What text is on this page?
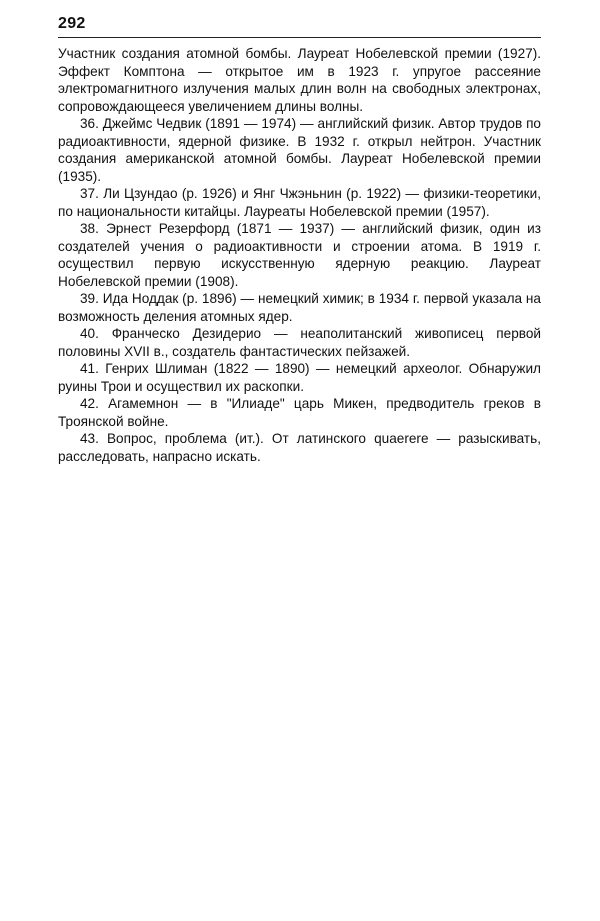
292

Участник создания атомной бомбы. Лауреат Нобелевской премии (1927). Эффект Комптона — открытое им в 1923 г. упругое рассеяние электромагнитного излучения малых длин волн на свободных электронах, сопровождающееся увеличением длины волны.

36. Джеймс Чедвик (1891 — 1974) — английский физик. Автор трудов по радиоактивности, ядерной физике. В 1932 г. открыл нейтрон. Участник создания американской атомной бомбы. Лауреат Нобелевской премии (1935).

37. Ли Цзундао (р. 1926) и Янг Чжэньнин (р. 1922) — физики-теоретики, по национальности китайцы. Лауреаты Нобелевской премии (1957).

38. Эрнест Резерфорд (1871 — 1937) — английский физик, один из создателей учения о радиоактивности и строении атома. В 1919 г. осуществил первую искусственную ядерную реакцию. Лауреат Нобелевской премии (1908).

39. Ида Ноддак (р. 1896) — немецкий химик; в 1934 г. первой указала на возможность деления атомных ядер.

40. Франческо Дезидерио — неаполитанский живописец первой половины XVII в., создатель фантастических пейзажей.

41. Генрих Шлиман (1822 — 1890) — немецкий археолог. Обнаружил руины Трои и осуществил их раскопки.

42. Агамемнон — в "Илиаде" царь Микен, предводитель греков в Троянской войне.

43. Вопрос, проблема (ит.). От латинского quaerere — разыскивать, расследовать, напрасно искать.
